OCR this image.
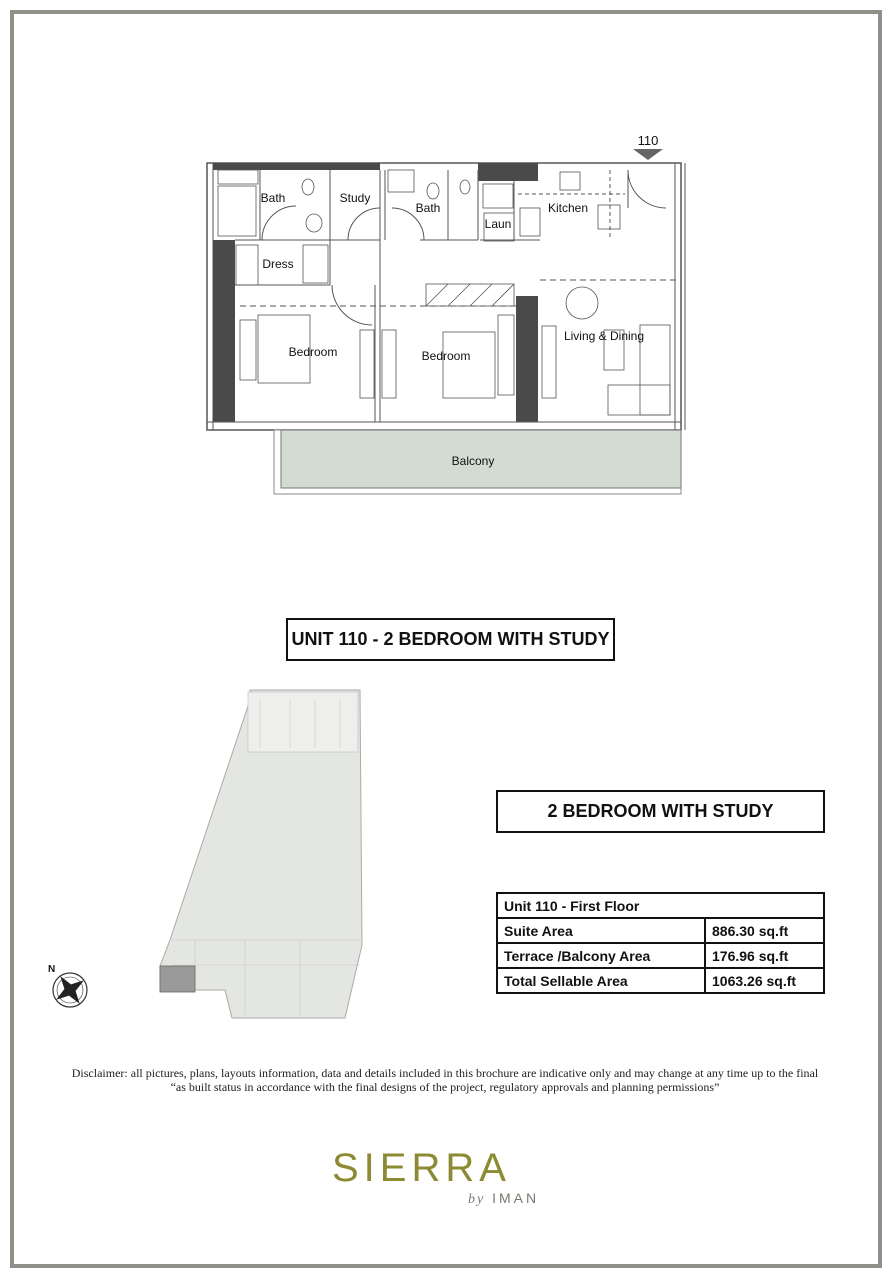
110
Bath	Study
Bath
Laun
Kitchen
Dress
Bedroom	Bedroom
Living & Dining
Balcony
N
UNIT 110 - 2 BEDROOM WITH STUDY
2 BEDROOM WITH STUDY
Unit 110 - First Floor	
Suite Area	886.30 sq.ft
Terrace /Balcony Area	176.96 sq.ft
Total Sellable Area	1063.26 sq.ft
Disclaimer: all pictures, plans, layouts information, data and details included in this brochure are indicative only and may change at any time up to the final
“as built status in accordance with the final designs of the project, regulatory approvals and planning permissions”
SIERRA
by IMAN
